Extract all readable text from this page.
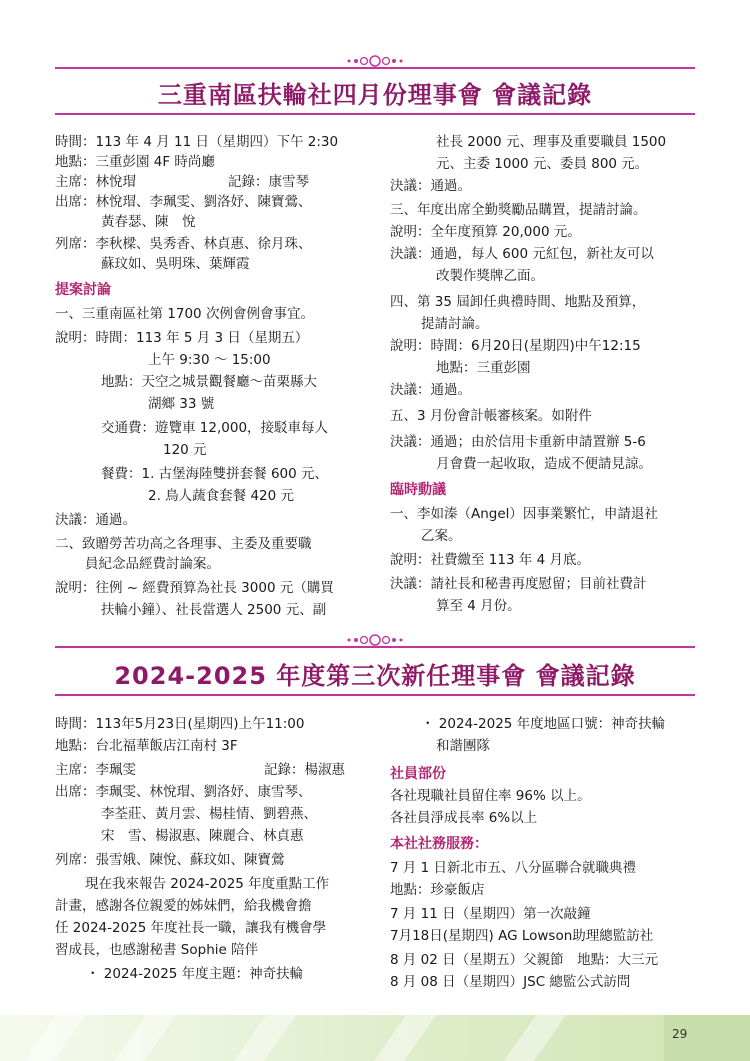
三重南區扶輪社四月份理事會 會議記錄
時間：113 年 4 月 11 日（星期四）下午 2:30
地點：三重彭園 4F 時尚廳
主席：林悅瑁	記錄：康雪琴
出席：林悅瑁、李珮雯、劉洛妤、陳寶鶯、
黃春瑟、陳　悅
列席：李秋樑、吳秀香、林貞惠、徐月珠、
蘇玟如、吳明珠、葉輝霞
提案討論
一、三重南區社第 1700 次例會例會事宜。
說明：時間：113 年 5 月 3 日（星期五）
上午 9:30 ～ 15:00
地點：天空之城景觀餐廳～苗栗縣大
湖鄉 33 號
交通費：遊覽車 12,000，接駁車每人
120 元
餐費：1. 古堡海陸雙拼套餐 600 元、
2. 鳥人蔬食套餐 420 元
決議：通過。
二、致贈勞苦功高之各理事、主委及重要職
員紀念品經費討論案。
說明：往例 ~ 經費預算為社長 3000 元（購買
扶輪小鐘）、社長當選人 2500 元、副
社長 2000 元、理事及重要職員 1500
元、主委 1000 元、委員 800 元。
決議：通過。
三、年度出席全勤獎勵品購置，提請討論。
說明：全年度預算 20,000 元。
決議：通過，每人 600 元紅包，新社友可以
改製作獎牌乙面。
四、第 35 屆卸任典禮時間、地點及預算，
提請討論。
說明：時間：6月20日(星期四)中午12:15
地點：三重彭園
決議：通過。
五、3 月份會計帳審核案。如附件
決議：通過；由於信用卡重新申請置辦 5-6
月會費一起收取，造成不便請見諒。
臨時動議
一、李如溱（Angel）因事業繁忙，申請退社
乙案。
說明：社費繳至 113 年 4 月底。
決議：請社長和秘書再度慰留；目前社費計
算至 4 月份。
2024-2025 年度第三次新任理事會 會議記錄
時間：113年5月23日(星期四)上午11:00
地點：台北福華飯店江南村 3F
主席：李珮雯	記錄：楊淑惠
出席：李珮雯、林悅瑁、劉洛妤、康雪琴、
李荃莊、黃月雲、楊桂情、劉碧燕、
宋　雪、楊淑惠、陳麗合、林貞惠
列席：張雪娥、陳悅、蘇玟如、陳寶鶯
現在我來報告 2024-2025 年度重點工作
計畫，感謝各位親愛的姊妹們，給我機會擔
任 2024-2025 年度社長一職，讓我有機會學
習成長，也感謝秘書 Sophie 陪伴
・ 2024-2025 年度主題：神奇扶輪
・ 2024-2025 年度地區口號：神奇扶輪
和諧團隊
社員部份
各社現職社員留住率 96% 以上。
各社員淨成長率 6%以上
本社社務服務：
7 月 1 日新北市五、八分區聯合就職典禮
地點：珍豪飯店
7 月 11 日（星期四）第一次敲鐘
7月18日(星期四) AG Lowson助理總監訪社
8 月 02 日（星期五）父親節　地點：大三元
8 月 08 日（星期四）JSC 總監公式訪問
29
